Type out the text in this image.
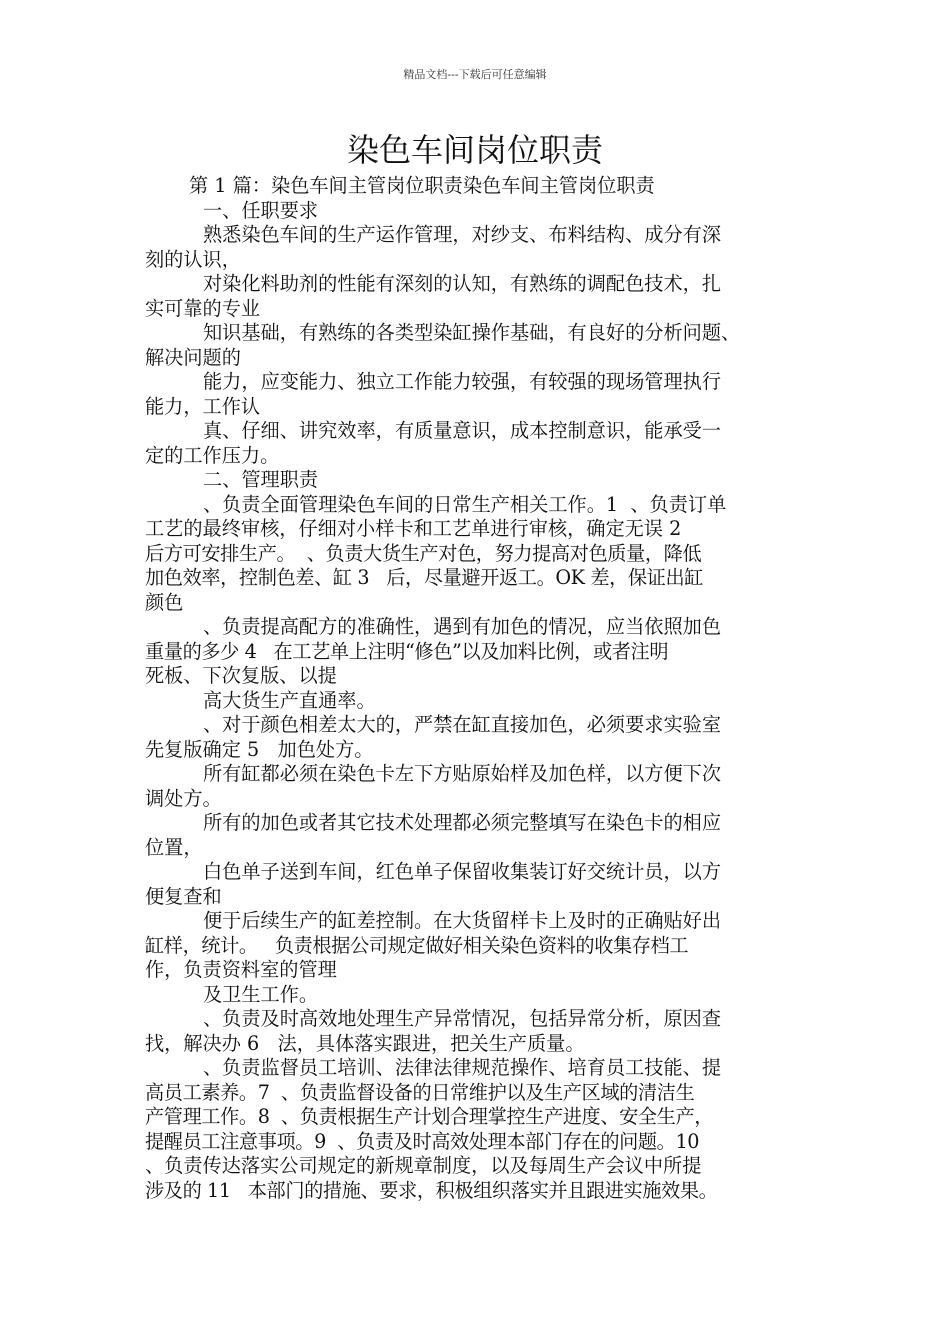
精品文档---下载后可任意编辑
染色车间岗位职责
第 1 篇：染色车间主管岗位职责染色车间主管岗位职责
一、任职要求
熟悉染色车间的生产运作管理，对纱支、布料结构、成分有深
刻的认识，
对染化料助剂的性能有深刻的认知，有熟练的调配色技术，扎
实可靠的专业
知识基础，有熟练的各类型染缸操作基础，有良好的分析问题、
解决问题的
能力，应变能力、独立工作能力较强，有较强的现场管理执行
能力，工作认
真、仔细、讲究效率，有质量意识，成本控制意识，能承受一
定的工作压力。
二、管理职责
、负责全面管理染色车间的日常生产相关工作。1  、负责订单
工艺的最终审核，仔细对小样卡和工艺单进行审核，确定无误 2
后方可安排生产。  、负责大货生产对色，努力提高对色质量，降低
加色效率，控制色差、缸 3   后，尽量避开返工。OK 差，保证出缸
颜色
、负责提高配方的准确性，遇到有加色的情况，应当依照加色
重量的多少 4   在工艺单上注明“修色”以及加料比例，或者注明
死板、下次复版、以提
高大货生产直通率。
、对于颜色相差太大的，严禁在缸直接加色，必须要求实验室
先复版确定 5   加色处方。
所有缸都必须在染色卡左下方贴原始样及加色样，以方便下次
调处方。
所有的加色或者其它技术处理都必须完整填写在染色卡的相应
位置，
白色单子送到车间，红色单子保留收集装订好交统计员，以方
便复查和
便于后续生产的缸差控制。在大货留样卡上及时的正确贴好出
缸样，统计。   负责根据公司规定做好相关染色资料的收集存档工
作，负责资料室的管理
及卫生工作。
、负责及时高效地处理生产异常情况，包括异常分析，原因查
找，解决办 6   法，具体落实跟进，把关生产质量。
、负责监督员工培训、法律法律规范操作、培育员工技能、提
高员工素养。7  、负责监督设备的日常维护以及生产区域的清洁生
产管理工作。8  、负责根据生产计划合理掌控生产进度、安全生产，
提醒员工注意事项。9  、负责及时高效处理本部门存在的问题。10
、负责传达落实公司规定的新规章制度，以及每周生产会议中所提
涉及的 11   本部门的措施、要求，积极组织落实并且跟进实施效果。
